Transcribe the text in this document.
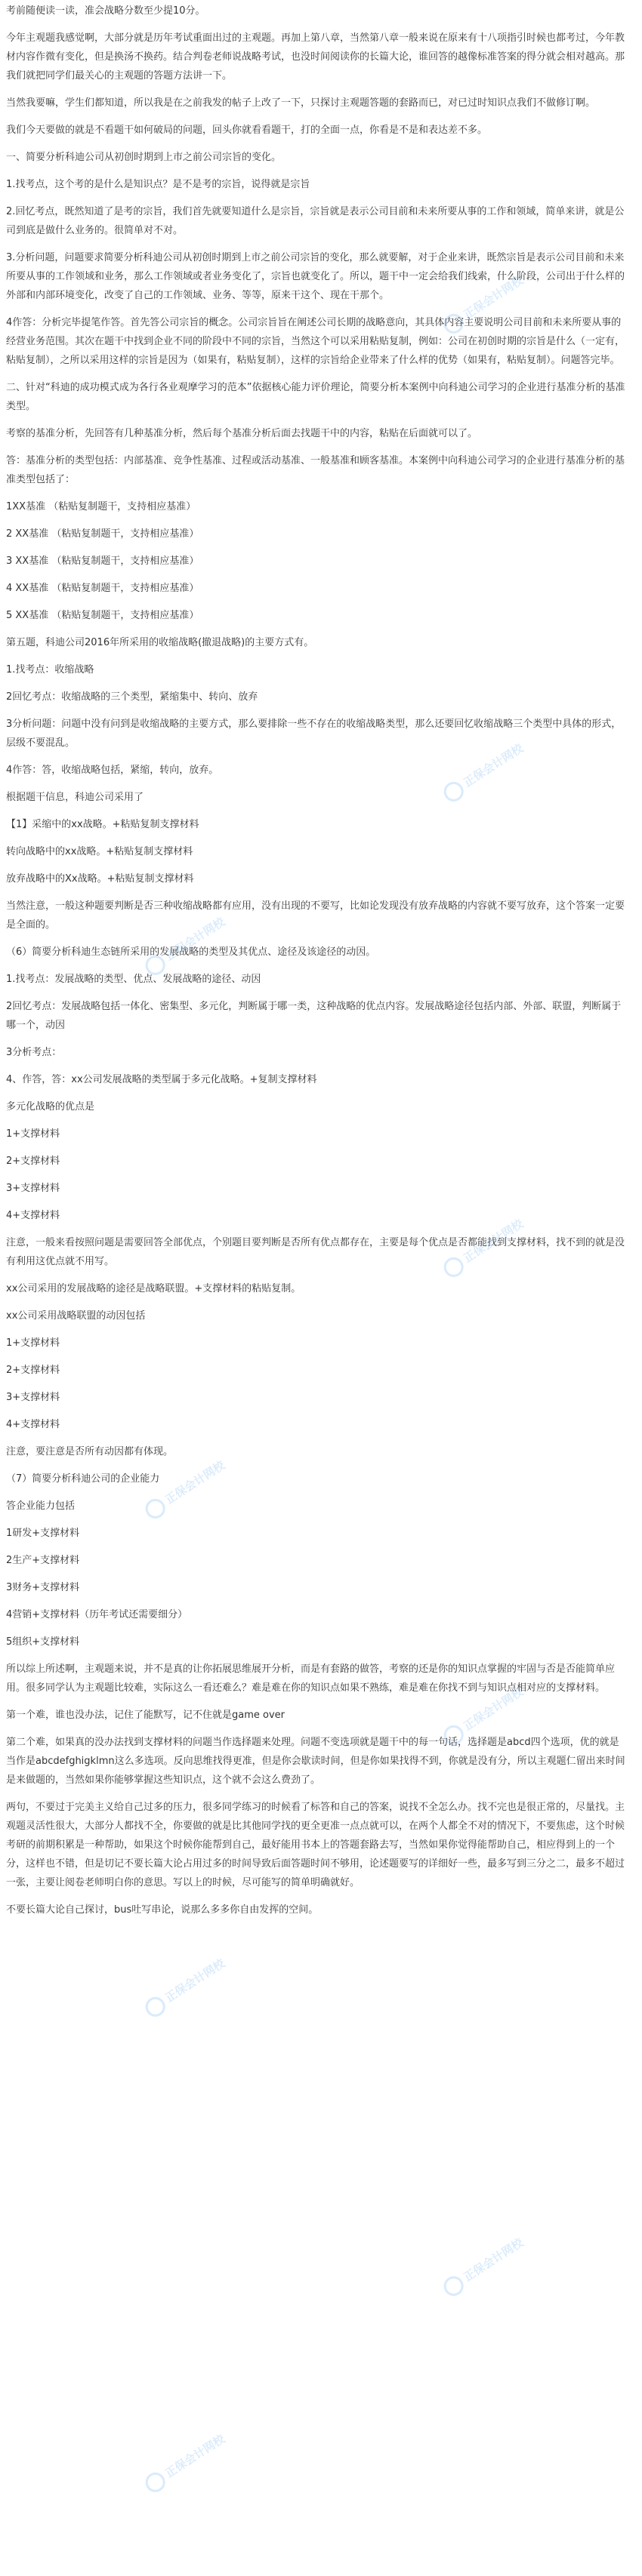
考前随便读一读，准会战略分数至少提10分。

今年主观题我感觉啊，大部分就是历年考试重面出过的主观题。再加上第八章，当然第八章一般来说在原来有十八项指引时候也都考过，今年教材内容作微有变化，但是换汤不换药。结合判卷老师说战略考试，也没时间阅读你的长篇大论，谁回答的越像标准答案的得分就会相对越高。那我们就把同学们最关心的主观题的答题方法讲一下。

当然我要嘛，学生们都知道，所以我是在之前我发的帖子上改了一下，只探讨主观题答题的套路而已，对已过时知识点我们不做修订啊。

我们今天要做的就是不看题干如何破局的问题，回头你就看看题干，打的全面一点，你看是不是和表达差不多。

一、简要分析科迪公司从初创时期到上市之前公司宗旨的变化。

1.找考点，这个考的是什么是知识点？是不是考的宗旨，说得就是宗旨

2.回忆考点，既然知道了是考的宗旨，我们首先就要知道什么是宗旨，宗旨就是表示公司目前和未来所要从事的工作和领域，简单来讲，就是公司到底是做什么业务的。很简单对不对。

3.分析问题，问题要求简要分析科迪公司从初创时期到上市之前公司宗旨的变化，那么就要解，对于企业来讲，既然宗旨是表示公司目前和未来所要从事的工作领域和业务，那么工作领域或者业务变化了，宗旨也就变化了。所以，题干中一定会给我们线索，什么阶段，公司出于什么样的外部和内部环境变化，改变了自己的工作领域、业务、等等，原来干这个、现在干那个。

4作答：分析完毕提笔作答。首先答公司宗旨的概念。公司宗旨旨在阐述公司长期的战略意向，其具体内容主要说明公司目前和未来所要从事的经营业务范围。其次在题干中找到企业不同的阶段中不同的宗旨，当然这个可以采用粘贴复制，例如：公司在初创时期的宗旨是什么（一定有，粘贴复制），之所以采用这样的宗旨是因为（如果有，粘贴复制），这样的宗旨给企业带来了什么样的优势（如果有，粘贴复制）。问题答完毕。

二、针对“科迪的成功模式成为各行各业观摩学习的范本”依据核心能力评价理论，简要分析本案例中向科迪公司学习的企业进行基准分析的基准类型。

考察的基准分析，先回答有几种基准分析，然后每个基准分析后面去找题干中的内容，粘贴在后面就可以了。

答：基准分析的类型包括：内部基准、竞争性基准、过程或活动基准、一般基准和顾客基准。本案例中向科迪公司学习的企业进行基准分析的基准类型包括了：

1XX基准 （粘贴复制题干，支持相应基准）

2 XX基准 （粘贴复制题干，支持相应基准）

3 XX基准 （粘贴复制题干，支持相应基准）

4 XX基准 （粘贴复制题干，支持相应基准）

5 XX基准 （粘贴复制题干，支持相应基准）

第五题，科迪公司2016年所采用的收缩战略(撤退战略)的主要方式有。

1.找考点：收缩战略

2回忆考点：收缩战略的三个类型，紧缩集中、转向、放弃

3分析问题：问题中没有问到是收缩战略的主要方式，那么要排除一些不存在的收缩战略类型，那么还要回忆收缩战略三个类型中具体的形式，层级不要混乱。

4作答：答，收缩战略包括，紧缩，转向，放弃。

根据题干信息，科迪公司采用了

【1】采缩中的xx战略。+粘贴复制支撑材料

转向战略中的xx战略。+粘贴复制支撑材料

放弃战略中的Xx战略。+粘贴复制支撑材料

当然注意，一般这种题要判断是否三种收缩战略都有应用，没有出现的不要写，比如论发现没有放弃战略的内容就不要写放弃，这个答案一定要是全面的。

（6）简要分析科迪生态链所采用的发展战略的类型及其优点、途径及该途径的动因。

1.找考点：发展战略的类型、优点、发展战略的途径、动因

2回忆考点：发展战略包括一体化、密集型、多元化，判断属于哪一类，这种战略的优点内容。发展战略途径包括内部、外部、联盟，判断属于哪一个，动因

3分析考点：

4、作答，答：xx公司发展战略的类型属于多元化战略。+复制支撑材料

多元化战略的优点是

1+支撑材料

2+支撑材料

3+支撑材料

4+支撑材料

注意，一般来看按照问题是需要回答全部优点，个别题目要判断是否所有优点都存在，主要是每个优点是否都能找到支撑材料，找不到的就是没有利用这优点就不用写。

xx公司采用的发展战略的途径是战略联盟。+支撑材料的粘贴复制。

xx公司采用战略联盟的动因包括

1+支撑材料

2+支撑材料

3+支撑材料

4+支撑材料

注意，要注意是否所有动因都有体现。

（7）简要分析科迪公司的企业能力

答企业能力包括

1研发+支撑材料

2生产+支撑材料

3财务+支撑材料

4营销+支撑材料（历年考试还需要细分）

5组织+支撑材料

所以综上所述啊，主观题来说，并不是真的让你拓展思维展开分析，而是有套路的做答，考察的还是你的知识点掌握的牢固与否是否能简单应用。很多同学认为主观题比较难，实际这么一看还难么？难是难在你的知识点如果不熟练，难是难在你找不到与知识点相对应的支撑材料。

第一个难，谁也没办法，记住了能默写，记不住就是game over

第二个难，如果真的没办法找到支撑材料的问题当作选择题来处理。问题不变选项就是题干中的每一句话，选择题是abcd四个选项，优的就是当作是abcdefghigklmn这么多选项。反向思维找得更准，但是你会歇读时间，但是你如果找得不到，你就是没有分，所以主观题仁留出来时间是来做题的，当然如果你能够掌握这些知识点，这个就不会这么费劲了。

两句，不要过于完美主义给自己过多的压力，很多同学练习的时候看了标答和自己的答案，说找不全怎么办。找不完也是很正常的，尽量找。主观题灵活性很大，大部分人都找不全，你要做的就是比其他同学找的更全更准一点点就可以，在两个人都全不对的情况下，不要焦虑，这个时候考研的前期积累是一种帮助，如果这个时候你能帮到自己，最好能用书本上的答题套路去写，当然如果你觉得能帮助自己，相应得到上的一个分，这样也不错，但是切记不要长篇大论占用过多的时间导致后面答题时间不够用，论述题要写的详细好一些，最多写到三分之二，最多不超过一张，主要让阅卷老师明白你的意思。写以上的时候，尽可能写的简单明确就好。

不要长篇大论自己探讨，bus吐写串论，说那么多多你自由发挥的空间。

正保会计网校
正保会计网校
正保会计网校
正保会计网校
正保会计网校
正保会计网校
正保会计网校
正保会计网校
正保会计网校
